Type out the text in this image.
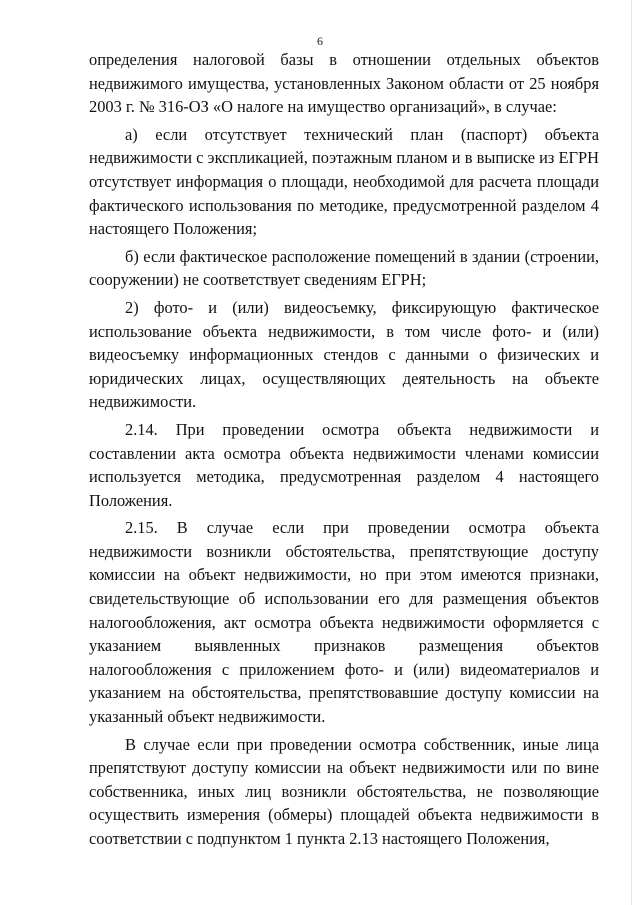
6

определения налоговой базы в отношении отдельных объектов недвижимого имущества, установленных Законом области от 25 ноября 2003 г. № 316-ОЗ «О налоге на имущество организаций», в случае:

а) если отсутствует технический план (паспорт) объекта недвижимости с экспликацией, поэтажным планом и в выписке из ЕГРН отсутствует информация о площади, необходимой для расчета площади фактического использования по методике, предусмотренной разделом 4 настоящего Положения;

б) если фактическое расположение помещений в здании (строении, сооружении) не соответствует сведениям ЕГРН;

2) фото- и (или) видеосъемку, фиксирующую фактическое использование объекта недвижимости, в том числе фото- и (или) видеосъемку информационных стендов с данными о физических и юридических лицах, осуществляющих деятельность на объекте недвижимости.

2.14. При проведении осмотра объекта недвижимости и составлении акта осмотра объекта недвижимости членами комиссии используется методика, предусмотренная разделом 4 настоящего Положения.

2.15. В случае если при проведении осмотра объекта недвижимости возникли обстоятельства, препятствующие доступу комиссии на объект недвижимости, но при этом имеются признаки, свидетельствующие об использовании его для размещения объектов налогообложения, акт осмотра объекта недвижимости оформляется с указанием выявленных признаков размещения объектов налогообложения с приложением фото- и (или) видеоматериалов и указанием на обстоятельства, препятствовавшие доступу комиссии на указанный объект недвижимости.

В случае если при проведении осмотра собственник, иные лица препятствуют доступу комиссии на объект недвижимости или по вине собственника, иных лиц возникли обстоятельства, не позволяющие осуществить измерения (обмеры) площадей объекта недвижимости в соответствии с подпунктом 1 пункта 2.13 настоящего Положения,
